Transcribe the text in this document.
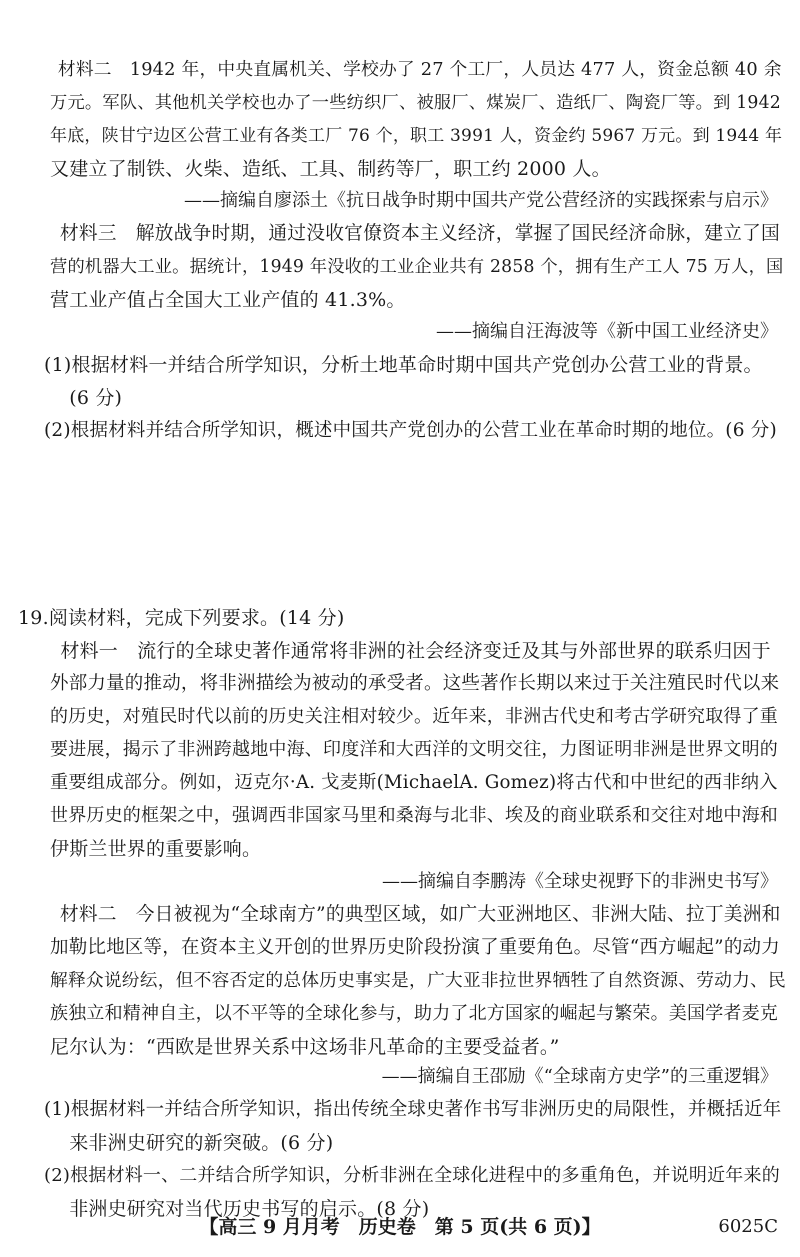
　　材料二　1942 年，中央直属机关、学校办了 27 个工厂，人员达 477 人，资金总额 40 余
万元。军队、其他机关学校也办了一些纺织厂、被服厂、煤炭厂、造纸厂、陶瓷厂等。到 1942
年底，陕甘宁边区公营工业有各类工厂 76 个，职工 3991 人，资金约 5967 万元。到 1944 年
又建立了制铁、火柴、造纸、工具、制药等厂，职工约 2000 人。
——摘编自廖添土《抗日战争时期中国共产党公营经济的实践探索与启示》
　　材料三　解放战争时期，通过没收官僚资本主义经济，掌握了国民经济命脉，建立了国
营的机器大工业。据统计，1949 年没收的工业企业共有 2858 个，拥有生产工人 75 万人，国
营工业产值占全国大工业产值的 41.3%。
——摘编自汪海波等《新中国工业经济史》
(1)根据材料一并结合所学知识，分析土地革命时期中国共产党创办公营工业的背景。
　(6 分)
(2)根据材料并结合所学知识，概述中国共产党创办的公营工业在革命时期的地位。(6 分)
19.阅读材料，完成下列要求。(14 分)
　　材料一　流行的全球史著作通常将非洲的社会经济变迁及其与外部世界的联系归因于
外部力量的推动，将非洲描绘为被动的承受者。这些著作长期以来过于关注殖民时代以来
的历史，对殖民时代以前的历史关注相对较少。近年来，非洲古代史和考古学研究取得了重
要进展，揭示了非洲跨越地中海、印度洋和大西洋的文明交往，力图证明非洲是世界文明的
重要组成部分。例如，迈克尔·A. 戈麦斯(MichaelA. Gomez)将古代和中世纪的西非纳入
世界历史的框架之中，强调西非国家马里和桑海与北非、埃及的商业联系和交往对地中海和
伊斯兰世界的重要影响。
——摘编自李鹏涛《全球史视野下的非洲史书写》
　　材料二　今日被视为“全球南方”的典型区域，如广大亚洲地区、非洲大陆、拉丁美洲和
加勒比地区等，在资本主义开创的世界历史阶段扮演了重要角色。尽管“西方崛起”的动力
解释众说纷纭，但不容否定的总体历史事实是，广大亚非拉世界牺牲了自然资源、劳动力、民
族独立和精神自主，以不平等的全球化参与，助力了北方国家的崛起与繁荣。美国学者麦克
尼尔认为：“西欧是世界关系中这场非凡革命的主要受益者。”
——摘编自王邵励《“全球南方史学”的三重逻辑》
(1)根据材料一并结合所学知识，指出传统全球史著作书写非洲历史的局限性，并概括近年
　来非洲史研究的新突破。(6 分)
(2)根据材料一、二并结合所学知识，分析非洲在全球化进程中的多重角色，并说明近年来的
　非洲史研究对当代历史书写的启示。(8 分)
【高三 9 月月考　历史卷　第 5 页(共 6 页)】	6025C
